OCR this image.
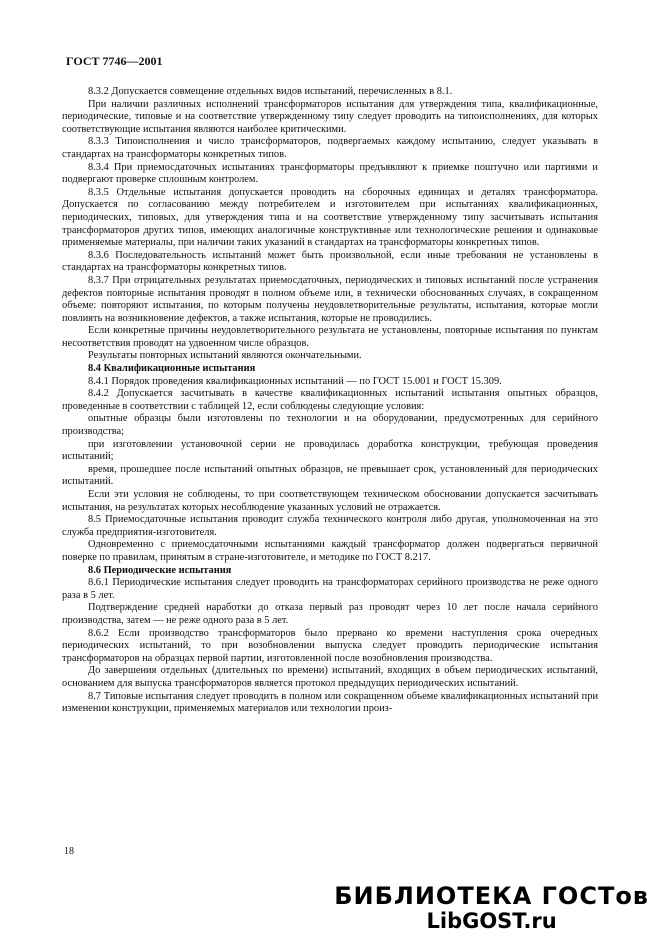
ГОСТ 7746—2001

8.3.2 Допускается совмещение отдельных видов испытаний, перечисленных в 8.1.

При наличии различных исполнений трансформаторов испытания для утверждения типа, квалификационные, периодические, типовые и на соответствие утвержденному типу следует проводить на типоисполнениях, для которых соответствующие испытания являются наиболее критическими.

8.3.3 Типоисполнения и число трансформаторов, подвергаемых каждому испытанию, следует указывать в стандартах на трансформаторы конкретных типов.

8.3.4 При приемосдаточных испытаниях трансформаторы предъявляют к приемке поштучно или партиями и подвергают проверке сплошным контролем.

8.3.5 Отдельные испытания допускается проводить на сборочных единицах и деталях трансформатора. Допускается по согласованию между потребителем и изготовителем при испытаниях квалификационных, периодических, типовых, для утверждения типа и на соответствие утвержденному типу засчитывать испытания трансформаторов других типов, имеющих аналогичные конструктивные или технологические решения и одинаковые применяемые материалы, при наличии таких указаний в стандартах на трансформаторы конкретных типов.

8.3.6 Последовательность испытаний может быть произвольной, если иные требования не установлены в стандартах на трансформаторы конкретных типов.

8.3.7 При отрицательных результатах приемосдаточных, периодических и типовых испытаний после устранения дефектов повторные испытания проводят в полном объеме или, в технически обоснованных случаях, в сокращенном объеме: повторяют испытания, по которым получены неудовлетворительные результаты, испытания, которые могли повлиять на возникновение дефектов, а также испытания, которые не проводились.

Если конкретные причины неудовлетворительного результата не установлены, повторные испытания по пунктам несоответствия проводят на удвоенном числе образцов.

Результаты повторных испытаний являются окончательными.

8.4 Квалификационные испытания

8.4.1 Порядок проведения квалификационных испытаний — по ГОСТ 15.001 и ГОСТ 15.309.

8.4.2 Допускается засчитывать в качестве квалификационных испытаний испытания опытных образцов, проведенные в соответствии с таблицей 12, если соблюдены следующие условия:

опытные образцы были изготовлены по технологии и на оборудовании, предусмотренных для серийного производства;

при изготовлении установочной серии не проводилась доработка конструкции, требующая проведения испытаний;

время, прошедшее после испытаний опытных образцов, не превышает срок, установленный для периодических испытаний.

Если эти условия не соблюдены, то при соответствующем техническом обосновании допускается засчитывать испытания, на результатах которых несоблюдение указанных условий не отражается.

8.5 Приемосдаточные испытания проводит служба технического контроля либо другая, уполномоченная на это служба предприятия-изготовителя.

Одновременно с приемосдаточными испытаниями каждый трансформатор должен подвергаться первичной поверке по правилам, принятым в стране-изготовителе, и методике по ГОСТ 8.217.

8.6 Периодические испытания

8.6.1 Периодические испытания следует проводить на трансформаторах серийного производства не реже одного раза в 5 лет.

Подтверждение средней наработки до отказа первый раз проводят через 10 лет после начала серийного производства, затем — не реже одного раза в 5 лет.

8.6.2 Если производство трансформаторов было прервано ко времени наступления срока очередных периодических испытаний, то при возобновлении выпуска следует проводить периодические испытания трансформаторов на образцах первой партии, изготовленной после возобновления производства.

До завершения отдельных (длительных по времени) испытаний, входящих в объем периодических испытаний, основанием для выпуска трансформаторов является протокол предыдущих периодических испытаний.

8.7 Типовые испытания следует проводить в полном или сокращенном объеме квалификационных испытаний при изменении конструкции, применяемых материалов или технологии произ-

18
БИБЛИОТЕКА ГОСТов
LibGOST.ru
